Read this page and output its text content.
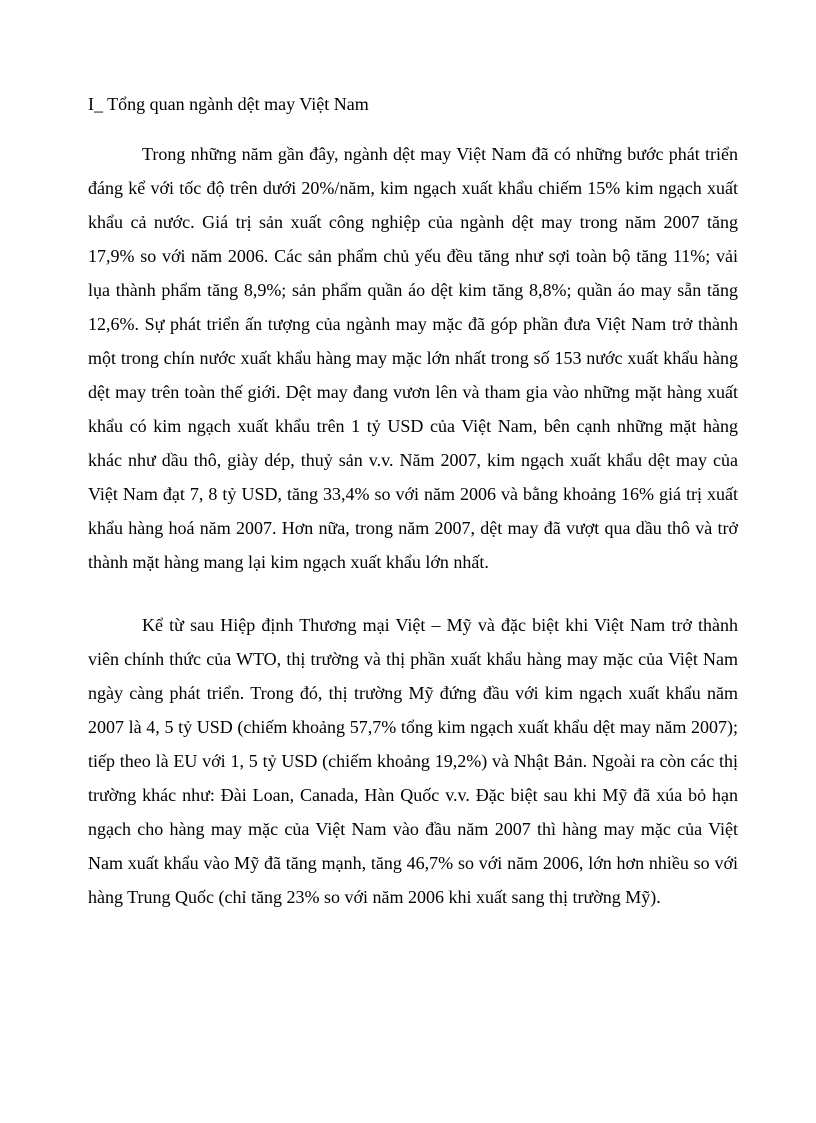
I_ Tổng quan ngành dệt may Việt Nam

Trong những năm gần đây, ngành dệt may Việt Nam đã có những bước phát triển đáng kể với tốc độ trên dưới 20%/năm, kim ngạch xuất khẩu chiếm 15% kim ngạch xuất khẩu cả nước. Giá trị sản xuất công nghiệp của ngành dệt may trong năm 2007 tăng 17,9% so với năm 2006. Các sản phẩm chủ yếu đều tăng như sợi toàn bộ tăng 11%; vải lụa thành phẩm tăng 8,9%; sản phẩm quần áo dệt kim tăng 8,8%; quần áo may sẵn tăng 12,6%. Sự phát triển ấn tượng của ngành may mặc đã góp phần đưa Việt Nam trở thành một trong chín nước xuất khẩu hàng may mặc lớn nhất trong số 153 nước xuất khẩu hàng dệt may trên toàn thế giới. Dệt may đang vươn lên và tham gia vào những mặt hàng xuất khẩu có kim ngạch xuất khẩu trên 1 tỷ USD của Việt Nam, bên cạnh những mặt hàng khác như dầu thô, giày dép, thuỷ sản v.v. Năm 2007, kim ngạch xuất khẩu dệt may của Việt Nam đạt 7, 8 tỷ USD, tăng 33,4% so với năm 2006 và bằng khoảng 16% giá trị xuất khẩu hàng hoá năm 2007. Hơn nữa, trong năm 2007, dệt may đã vượt qua dầu thô và trở thành mặt hàng mang lại kim ngạch xuất khẩu lớn nhất.

Kể từ sau Hiệp định Thương mại Việt – Mỹ và đặc biệt khi Việt Nam trở thành viên chính thức của WTO, thị trường và thị phần xuất khẩu hàng may mặc của Việt Nam ngày càng phát triển. Trong đó, thị trường Mỹ đứng đầu với kim ngạch xuất khẩu năm 2007 là 4, 5 tỷ USD (chiếm khoảng 57,7% tổng kim ngạch xuất khẩu dệt may năm 2007); tiếp theo là EU với 1, 5 tỷ USD (chiếm khoảng 19,2%) và Nhật Bản. Ngoài ra còn các thị trường khác như: Đài Loan, Canada, Hàn Quốc v.v. Đặc biệt sau khi Mỹ đã xúa bỏ hạn ngạch cho hàng may mặc của Việt Nam vào đầu năm 2007 thì hàng may mặc của Việt Nam xuất khẩu vào Mỹ đã tăng mạnh, tăng 46,7% so với năm 2006, lớn hơn nhiều so với hàng Trung Quốc (chỉ tăng 23% so với năm 2006 khi xuất sang thị trường Mỹ).
